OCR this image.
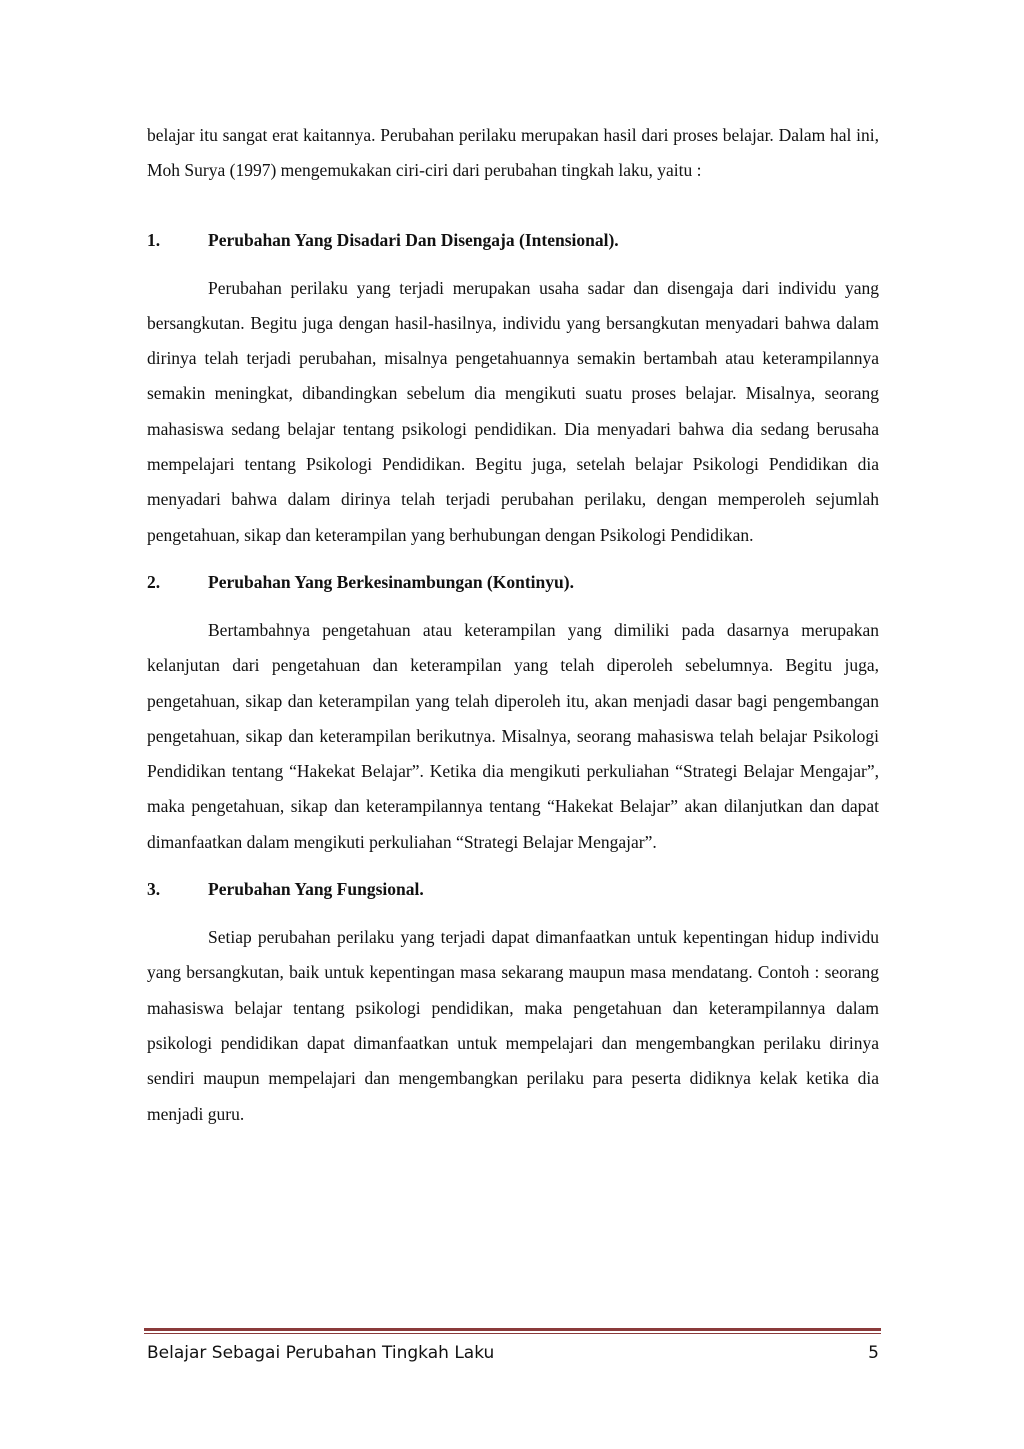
belajar itu sangat erat kaitannya. Perubahan perilaku merupakan hasil dari proses belajar. Dalam hal ini, Moh Surya (1997) mengemukakan ciri-ciri dari perubahan tingkah laku, yaitu :

1.	Perubahan Yang Disadari Dan Disengaja (Intensional).

Perubahan perilaku yang terjadi merupakan usaha sadar dan disengaja dari individu yang bersangkutan. Begitu juga dengan hasil-hasilnya, individu yang bersangkutan menyadari bahwa dalam dirinya telah terjadi perubahan, misalnya pengetahuannya semakin bertambah atau keterampilannya semakin meningkat, dibandingkan sebelum dia mengikuti suatu proses belajar. Misalnya, seorang mahasiswa sedang belajar tentang psikologi pendidikan. Dia menyadari bahwa dia sedang berusaha mempelajari tentang Psikologi Pendidikan. Begitu juga, setelah belajar Psikologi Pendidikan dia menyadari bahwa dalam dirinya telah terjadi perubahan perilaku, dengan memperoleh sejumlah pengetahuan, sikap dan keterampilan yang berhubungan dengan Psikologi Pendidikan.

2.	Perubahan Yang Berkesinambungan (Kontinyu).

Bertambahnya pengetahuan atau keterampilan yang dimiliki pada dasarnya merupakan kelanjutan dari pengetahuan dan keterampilan yang telah diperoleh sebelumnya. Begitu juga, pengetahuan, sikap dan keterampilan yang telah diperoleh itu, akan menjadi dasar bagi pengembangan pengetahuan, sikap dan keterampilan berikutnya. Misalnya, seorang mahasiswa telah belajar Psikologi Pendidikan tentang “Hakekat Belajar”. Ketika dia mengikuti perkuliahan “Strategi Belajar Mengajar”, maka pengetahuan, sikap dan keterampilannya tentang “Hakekat Belajar” akan dilanjutkan dan dapat dimanfaatkan dalam mengikuti perkuliahan “Strategi Belajar Mengajar”.

3.	Perubahan Yang Fungsional.

Setiap perubahan perilaku yang terjadi dapat dimanfaatkan untuk kepentingan hidup individu yang bersangkutan, baik untuk kepentingan masa sekarang maupun masa mendatang. Contoh : seorang mahasiswa belajar tentang psikologi pendidikan, maka pengetahuan dan keterampilannya dalam psikologi pendidikan dapat dimanfaatkan untuk mempelajari dan mengembangkan perilaku dirinya sendiri maupun mempelajari dan mengembangkan perilaku para peserta didiknya kelak ketika dia menjadi guru.

Belajar Sebagai Perubahan Tingkah Laku	5
